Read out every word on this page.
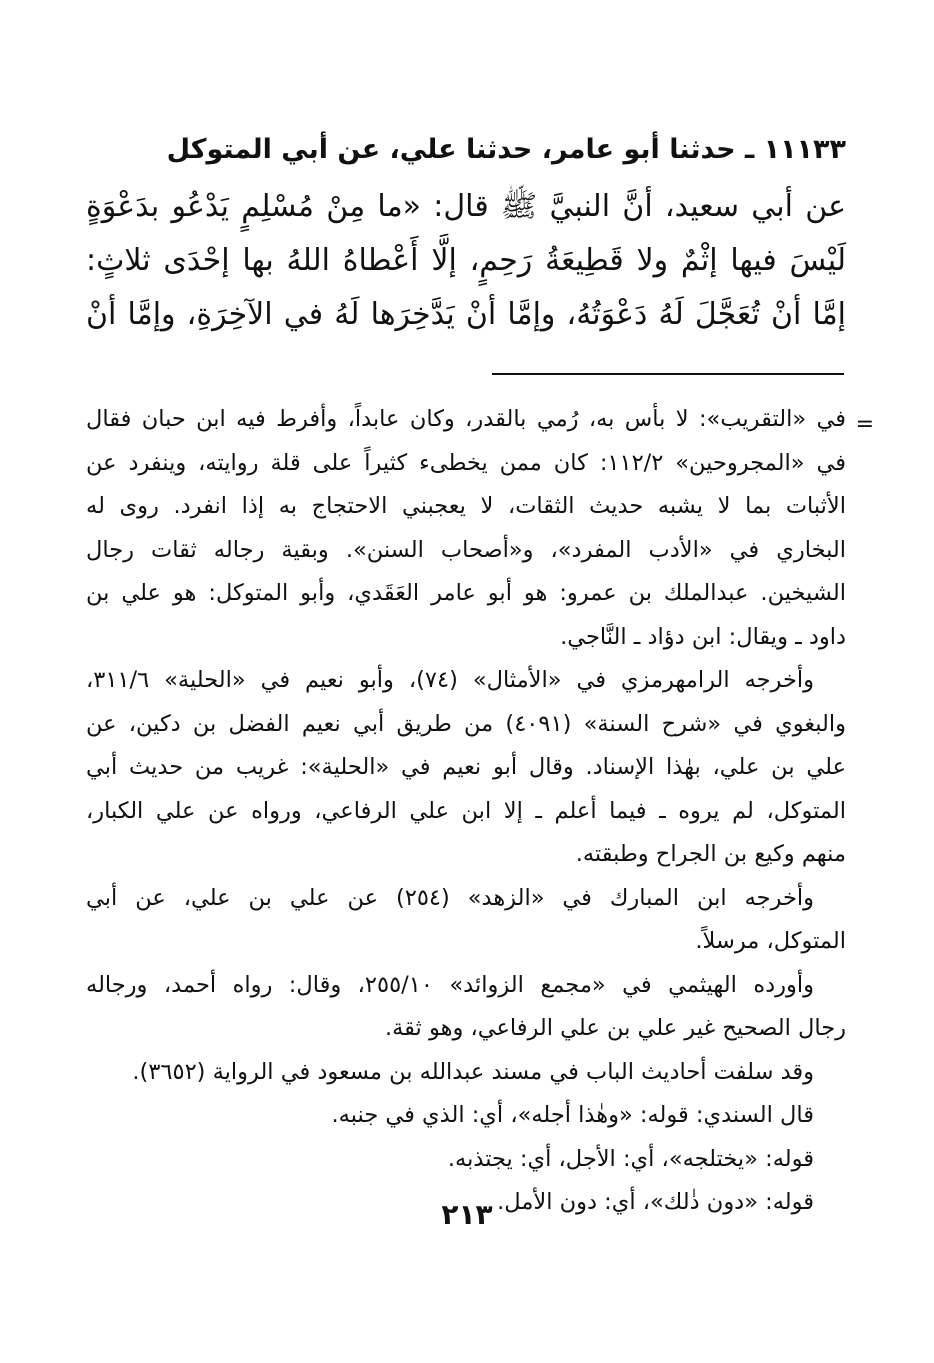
١١١٣٣ ـ حدثنا أبو عامر، حدثنا علي، عن أبي المتوكل
عن أبي سعيد، أنَّ النبيَّ ﷺ قال: «ما مِنْ مُسْلِمٍ يَدْعُو بدَعْوَةٍ
لَيْسَ فيها إثْمٌ ولا قَطِيعَةُ رَحِمٍ، إلَّا أَعْطاهُ اللهُ بها إحْدَى ثلاثٍ:
إمَّا أنْ تُعَجَّلَ لَهُ دَعْوَتُهُ، وإمَّا أنْ يَدَّخِرَها لَهُ في الآخِرَةِ، وإمَّا أنْ
=
في «التقريب»: لا بأس به، رُمي بالقدر، وكان عابداً، وأفرط فيه ابن حبان فقال
في «المجروحين» ١١٢/٢: كان ممن يخطىء كثيراً على قلة روايته، وينفرد عن
الأثبات بما لا يشبه حديث الثقات، لا يعجبني الاحتجاج به إذا انفرد. روى له
البخاري في «الأدب المفرد»، و«أصحاب السنن». وبقية رجاله ثقات رجال
الشيخين. عبدالملك بن عمرو: هو أبو عامر العَقَدي، وأبو المتوكل: هو علي بن
داود ـ ويقال: ابن دؤاد ـ النَّاجي.
وأخرجه الرامهرمزي في «الأمثال» (٧٤)، وأبو نعيم في «الحلية» ٣١١/٦،
والبغوي في «شرح السنة» (٤٠٩١) من طريق أبي نعيم الفضل بن دكين، عن
علي بن علي، بهٰذا الإسناد. وقال أبو نعيم في «الحلية»: غريب من حديث أبي
المتوكل، لم يروه ـ فيما أعلم ـ إلا ابن علي الرفاعي، ورواه عن علي الكبار،
منهم وكيع بن الجراح وطبقته.
وأخرجه ابن المبارك في «الزهد» (٢٥٤) عن علي بن علي، عن أبي
المتوكل، مرسلاً.
وأورده الهيثمي في «مجمع الزوائد» ٢٥٥/١٠، وقال: رواه أحمد، ورجاله
رجال الصحيح غير علي بن علي الرفاعي، وهو ثقة.
وقد سلفت أحاديث الباب في مسند عبدالله بن مسعود في الرواية (٣٦٥٢).
قال السندي: قوله: «وهٰذا أجله»، أي: الذي في جنبه.
قوله: «يختلجه»، أي: الأجل، أي: يجتذبه.
قوله: «دون ذٰلك»، أي: دون الأمل.
٢١٣
